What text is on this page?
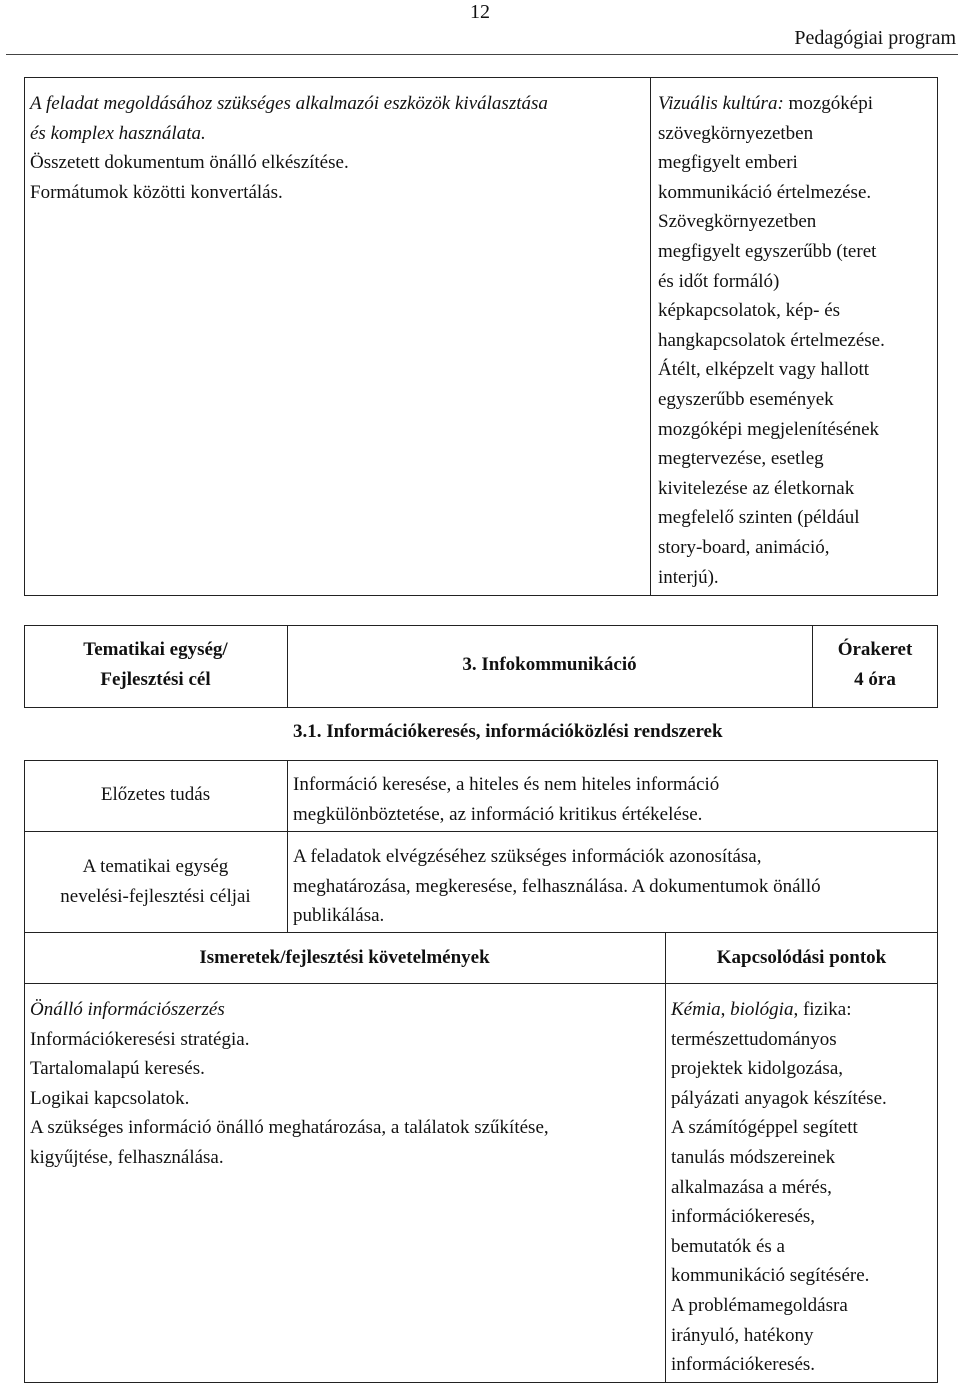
12
Pedagógiai program
A feladat megoldásához szükséges alkalmazói eszközök kiválasztása
és komplex használata.
Összetett dokumentum önálló elkészítése.
Formátumok közötti konvertálás.
Vizuális kultúra: mozgóképi
szövegkörnyezetben
megfigyelt emberi
kommunikáció értelmezése.
Szövegkörnyezetben
megfigyelt egyszerűbb (teret
és időt formáló)
képkapcsolatok, kép- és
hangkapcsolatok értelmezése.
Átélt, elképzelt vagy hallott
egyszerűbb események
mozgóképi megjelenítésének
megtervezése, esetleg
kivitelezése az életkornak
megfelelő szinten (például
story-board, animáció,
interjú).
Tematikai egység/
Fejlesztési cél
3. Infokommunikáció
Órakeret
4 óra
3.1. Információkeresés, információközlési rendszerek
Előzetes tudás	Információ keresése, a hiteles és nem hiteles információ
megkülönböztetése, az információ kritikus értékelése.
A tematikai egység
nevelési-fejlesztési céljai
A feladatok elvégzéséhez szükséges információk azonosítása,
meghatározása, megkeresése, felhasználása. A dokumentumok önálló
publikálása.
Ismeretek/fejlesztési követelmények	Kapcsolódási pontok
Önálló információszerzés
Információkeresési stratégia.
Tartalomalapú keresés.
Logikai kapcsolatok.
A szükséges információ önálló meghatározása, a találatok szűkítése,
kigyűjtése, felhasználása.
Kémia, biológia, fizika:
természettudományos
projektek kidolgozása,
pályázati anyagok készítése.
A számítógéppel segített
tanulás módszereinek
alkalmazása a mérés,
információkeresés,
bemutatók és a
kommunikáció segítésére.
A problémamegoldásra
irányuló, hatékony
információkeresés.
